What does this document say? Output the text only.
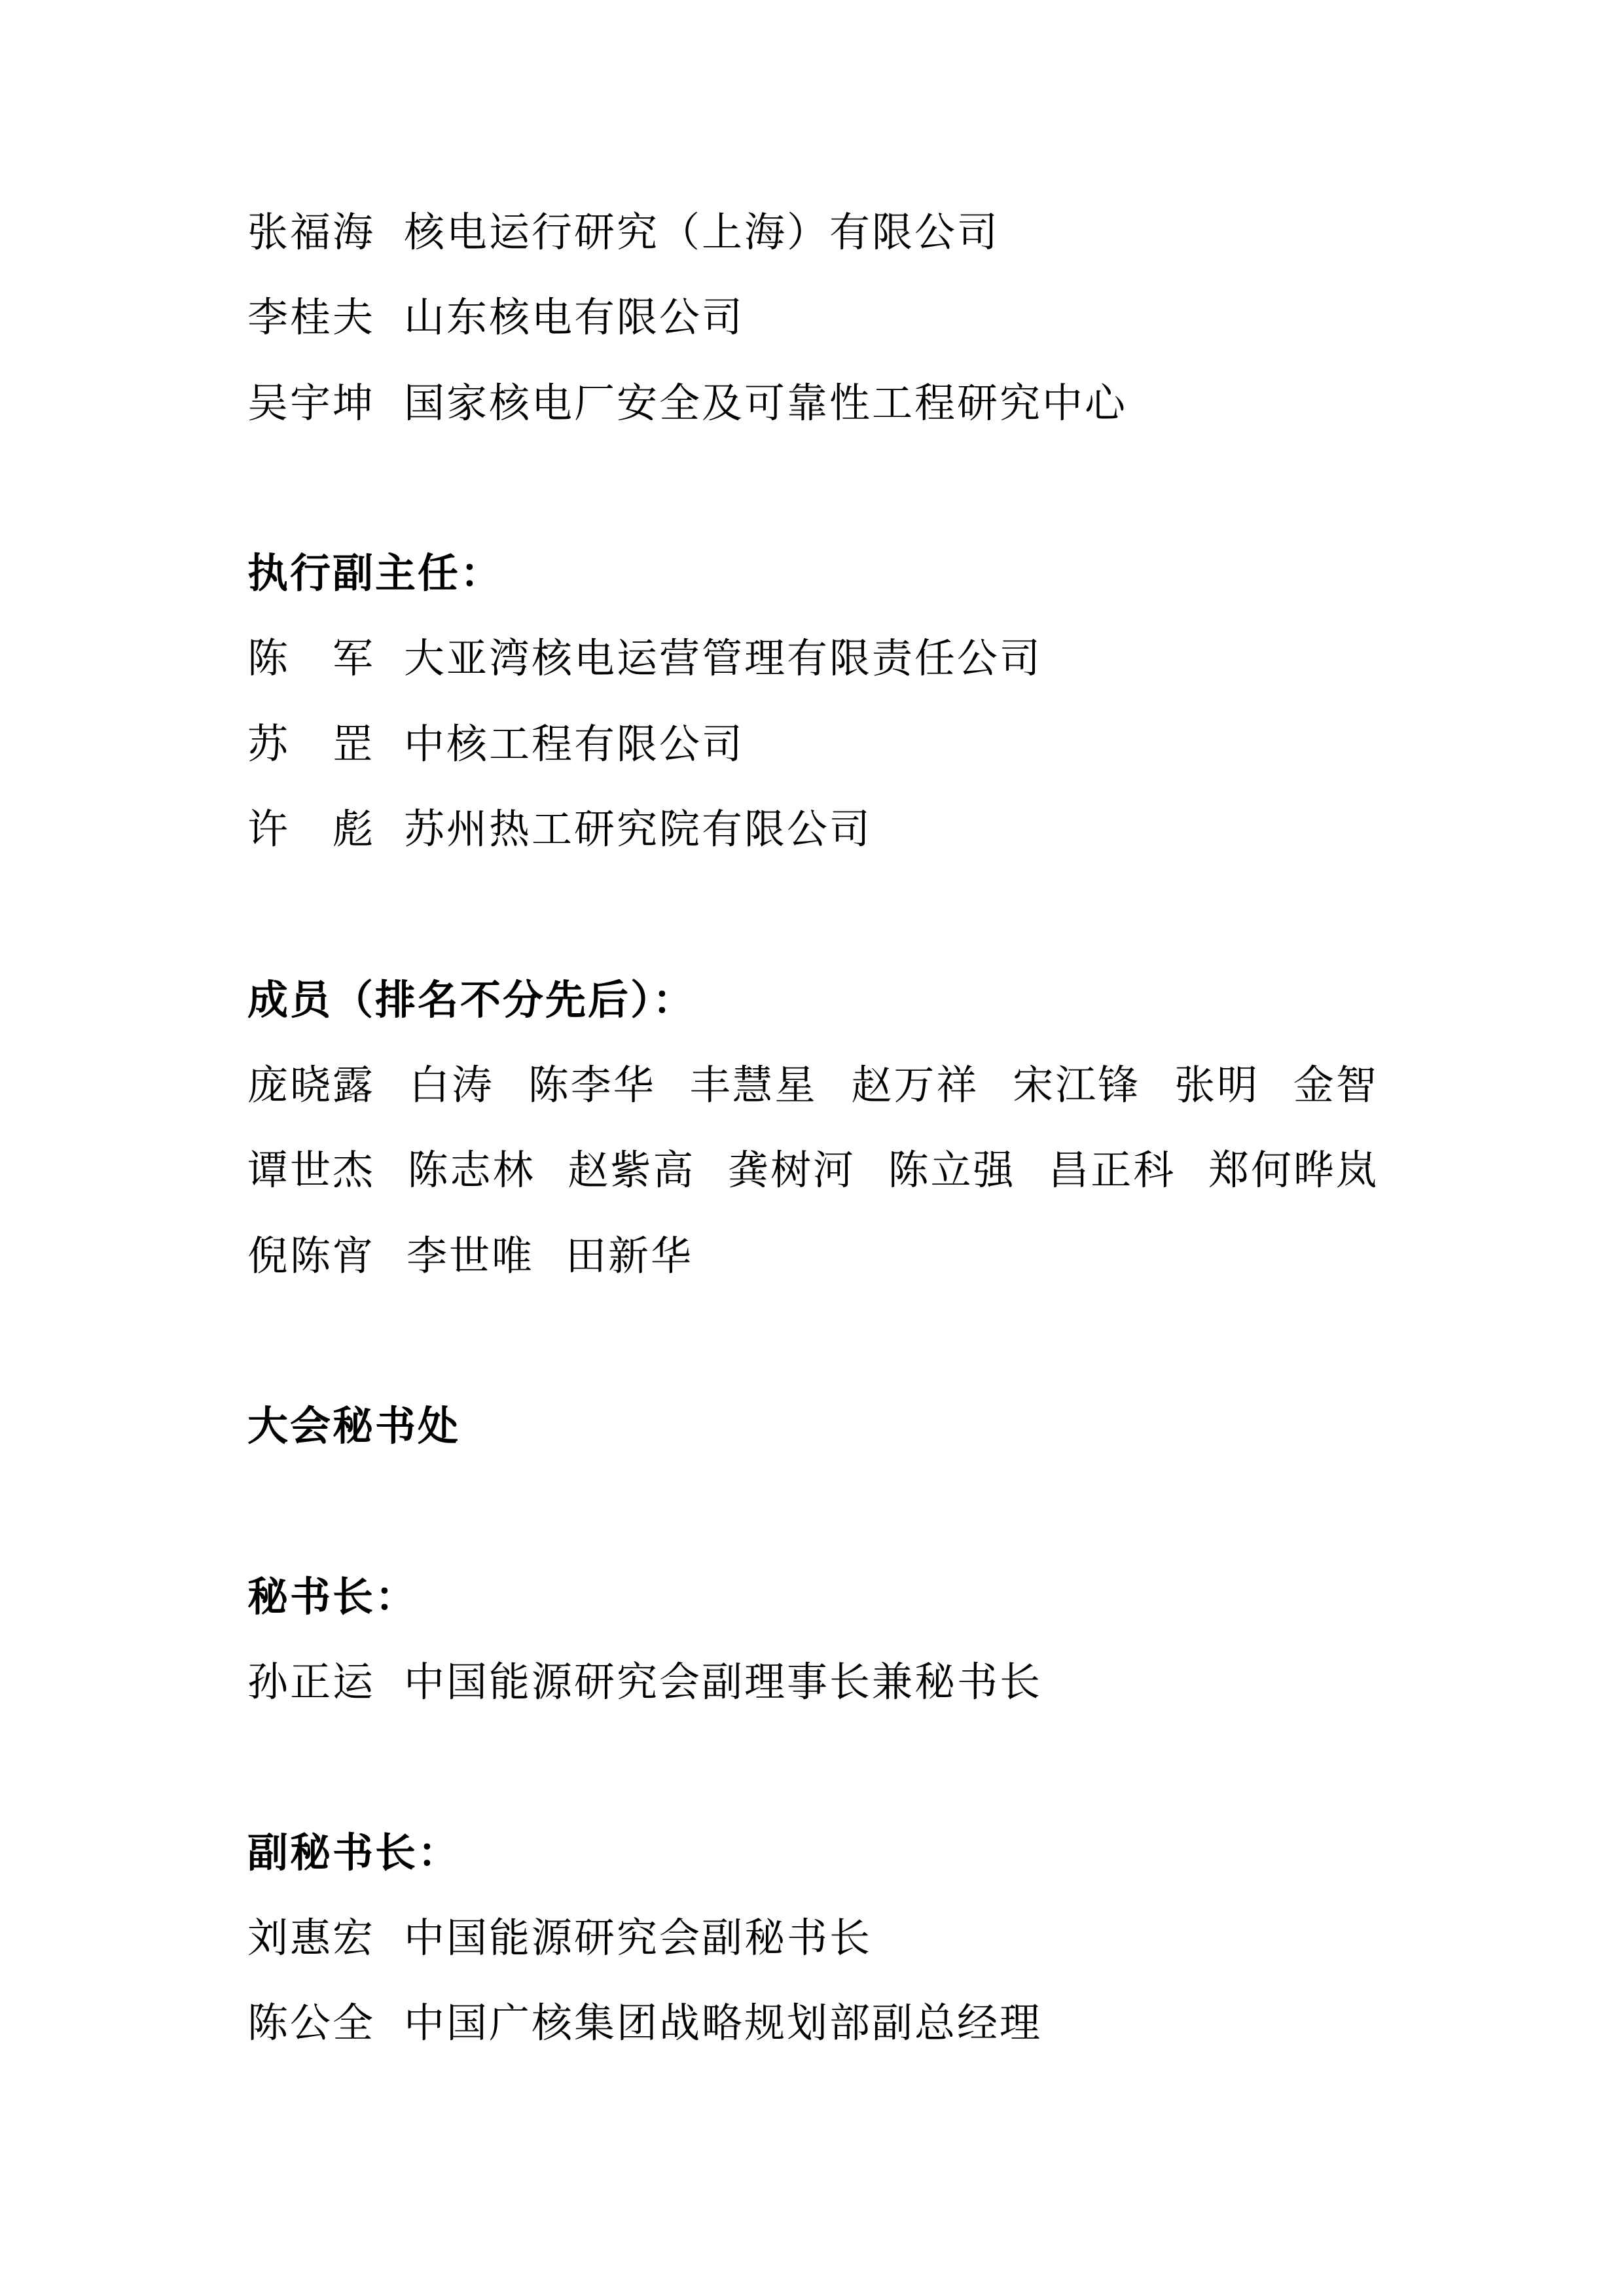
张福海 核电运行研究（上海）有限公司
李桂夫 山东核电有限公司
吴宇坤 国家核电厂安全及可靠性工程研究中心
执行副主任：
陈　军 大亚湾核电运营管理有限责任公司
苏　罡 中核工程有限公司
许　彪 苏州热工研究院有限公司
成员（排名不分先后）：
庞晓露 白涛 陈李华 丰慧星 赵万祥 宋江锋 张明 金智
谭世杰 陈志林 赵紫高 龚树河 陈立强 昌正科 郑何晔岚
倪陈宵 李世唯 田新华
大会秘书处
秘书长：
孙正运 中国能源研究会副理事长兼秘书长
副秘书长：
刘惠宏 中国能源研究会副秘书长
陈公全 中国广核集团战略规划部副总经理
